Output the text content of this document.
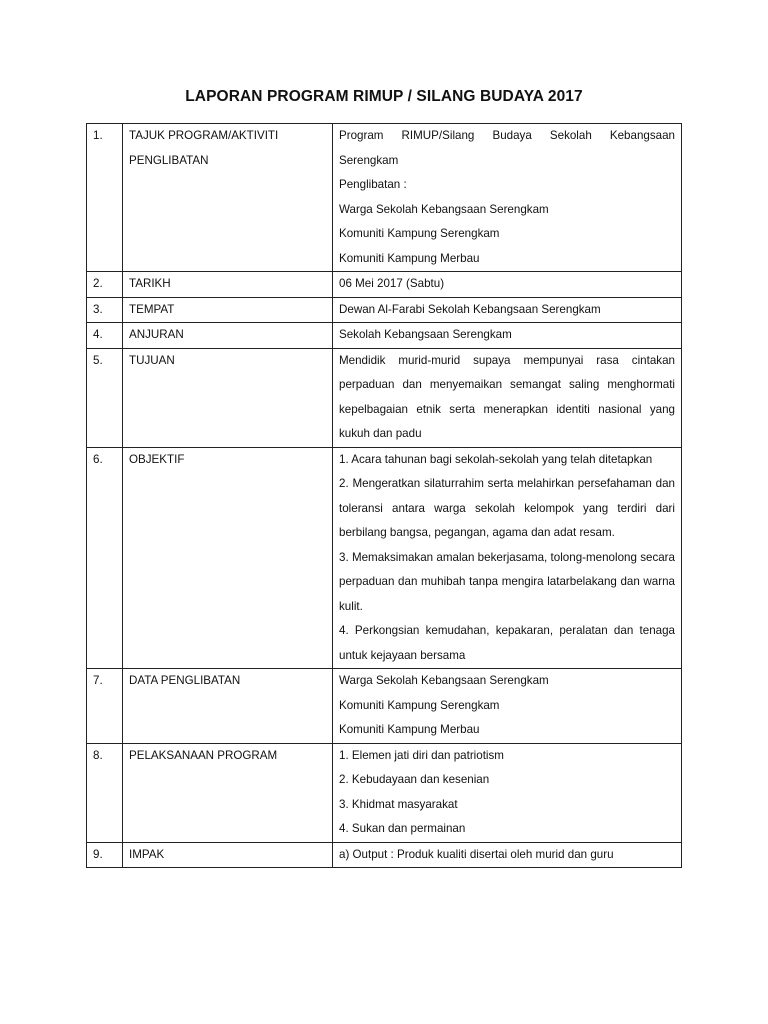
LAPORAN PROGRAM RIMUP / SILANG BUDAYA 2017
1.	TAJUK PROGRAM/AKTIVITI
PENGLIBATAN	Program RIMUP/Silang Budaya Sekolah Kebangsaan Serengkam
Penglibatan :
Warga Sekolah Kebangsaan Serengkam
Komuniti Kampung Serengkam
Komuniti Kampung Merbau

2.	TARIKH	06 Mei 2017 (Sabtu)

3.	TEMPAT	Dewan Al-Farabi Sekolah Kebangsaan Serengkam

4.	ANJURAN	Sekolah Kebangsaan Serengkam

5.	TUJUAN	Mendidik murid-murid supaya mempunyai rasa cintakan perpaduan dan menyemaikan semangat saling menghormati kepelbagaian etnik serta menerapkan identiti nasional yang kukuh dan padu

6.	OBJEKTIF	1. Acara tahunan bagi sekolah-sekolah yang telah ditetapkan
2. Mengeratkan silaturrahim serta melahirkan persefahaman dan toleransi antara warga sekolah kelompok yang terdiri dari berbilang bangsa, pegangan, agama dan adat resam.
3. Memaksimakan amalan bekerjasama, tolong-menolong secara perpaduan dan muhibah tanpa mengira latarbelakang dan warna kulit.
4. Perkongsian kemudahan, kepakaran, peralatan dan tenaga untuk kejayaan bersama

7.	DATA PENGLIBATAN	Warga Sekolah Kebangsaan Serengkam
Komuniti Kampung Serengkam
Komuniti Kampung Merbau

8.	PELAKSANAAN PROGRAM	1. Elemen jati diri dan patriotism
2. Kebudayaan dan kesenian
3. Khidmat masyarakat
4. Sukan dan permainan

9.	IMPAK	a) Output : Produk kualiti disertai oleh murid dan guru
